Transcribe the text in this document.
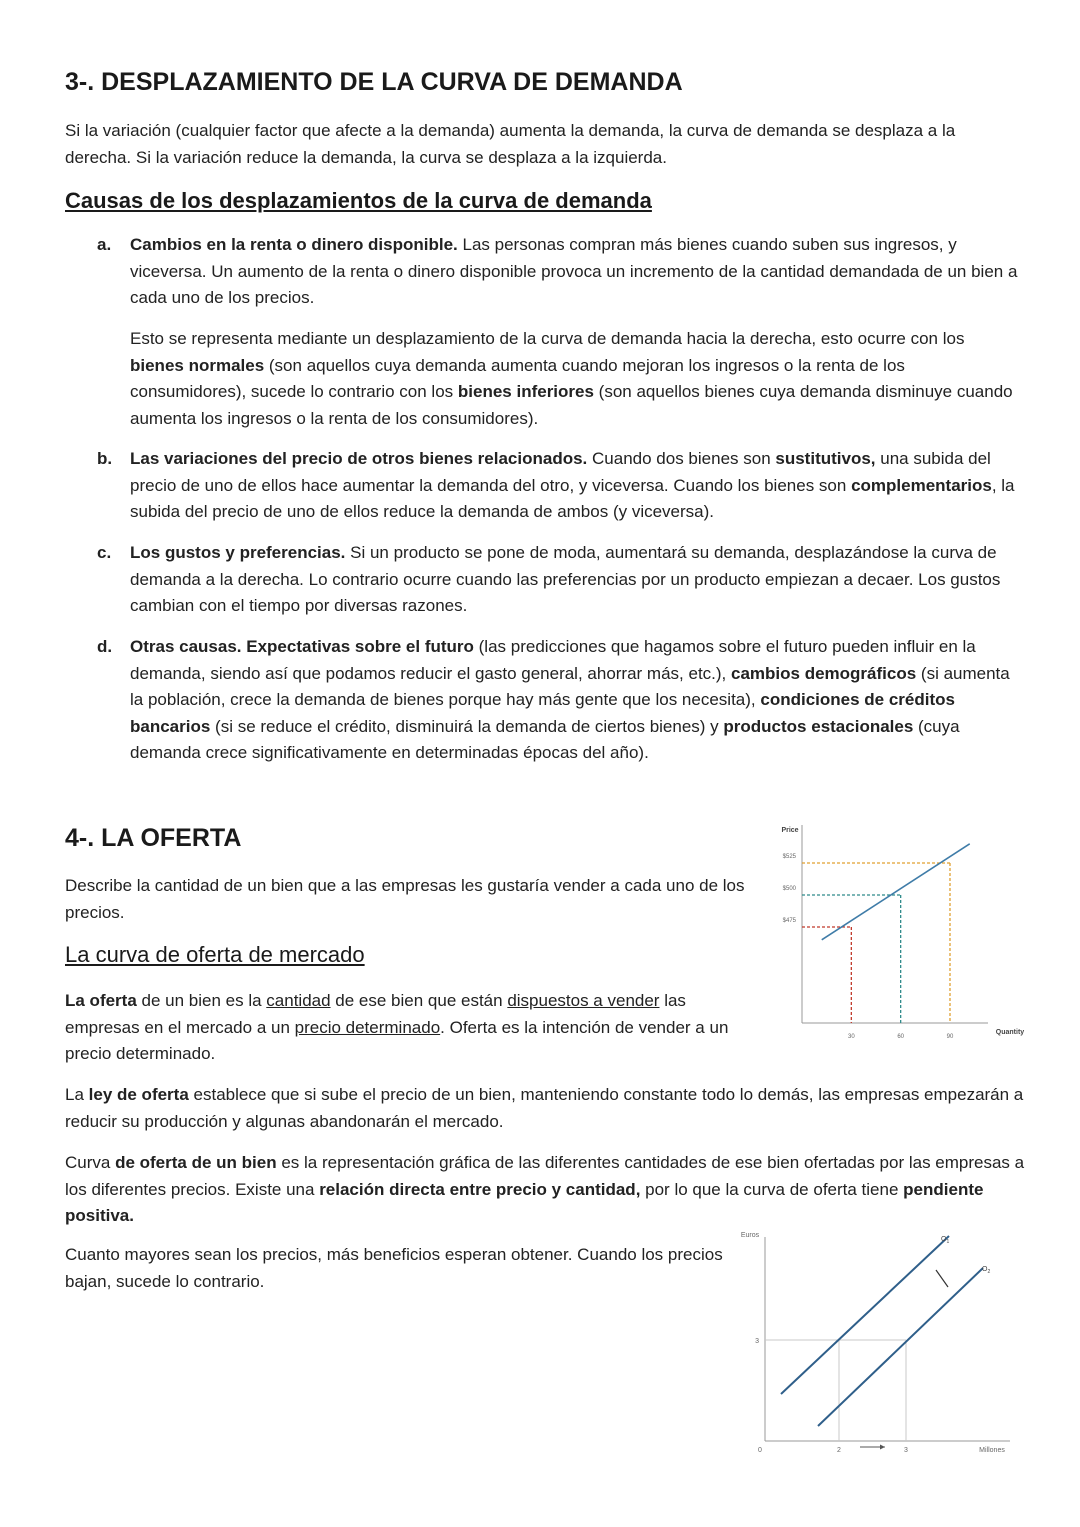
3-. DESPLAZAMIENTO DE LA CURVA DE DEMANDA
Si la variación (cualquier factor que afecte a la demanda) aumenta la demanda, la curva de demanda se desplaza a la derecha. Si la variación reduce la demanda, la curva se desplaza a la izquierda.
Causas de los desplazamientos de la curva de demanda
a. Cambios en la renta o dinero disponible. Las personas compran más bienes cuando suben sus ingresos, y viceversa. Un aumento de la renta o dinero disponible provoca un incremento de la cantidad demandada de un bien a cada uno de los precios.
Esto se representa mediante un desplazamiento de la curva de demanda hacia la derecha, esto ocurre con los bienes normales (son aquellos cuya demanda aumenta cuando mejoran los ingresos o la renta de los consumidores), sucede lo contrario con los bienes inferiores (son aquellos bienes cuya demanda disminuye cuando aumenta los ingresos o la renta de los consumidores).
b. Las variaciones del precio de otros bienes relacionados. Cuando dos bienes son sustitutivos, una subida del precio de uno de ellos hace aumentar la demanda del otro, y viceversa. Cuando los bienes son complementarios, la subida del precio de uno de ellos reduce la demanda de ambos (y viceversa).
c. Los gustos y preferencias. Si un producto se pone de moda, aumentará su demanda, desplazándose la curva de demanda a la derecha. Lo contrario ocurre cuando las preferencias por un producto empiezan a decaer. Los gustos cambian con el tiempo por diversas razones.
d. Otras causas. Expectativas sobre el futuro (las predicciones que hagamos sobre el futuro pueden influir en la demanda, siendo así que podamos reducir el gasto general, ahorrar más, etc.), cambios demográficos (si aumenta la población, crece la demanda de bienes porque hay más gente que los necesita), condiciones de créditos bancarios (si se reduce el crédito, disminuirá la demanda de ciertos bienes) y productos estacionales (cuya demanda crece significativamente en determinadas épocas del año).
4-. LA OFERTA
Describe la cantidad de un bien que a las empresas les gustaría vender a cada uno de los precios.
La curva de oferta de mercado
La oferta de un bien es la cantidad de ese bien que están dispuestos a vender las empresas en el mercado a un precio determinado. Oferta es la intención de vender a un precio determinado.
La ley de oferta establece que si sube el precio de un bien, manteniendo constante todo lo demás, las empresas empezarán a reducir su producción y algunas abandonarán el mercado.
Curva de oferta de un bien es la representación gráfica de las diferentes cantidades de ese bien ofertadas por las empresas a los diferentes precios. Existe una relación directa entre precio y cantidad, por lo que la curva de oferta tiene pendiente positiva.
Cuanto mayores sean los precios, más beneficios esperan obtener. Cuando los precios bajan, sucede lo contrario.
Price
Quantity
$475
$500
$525
30	60	90
Euros
Millones
0
3
2	3
$O_1$
$O_2$
